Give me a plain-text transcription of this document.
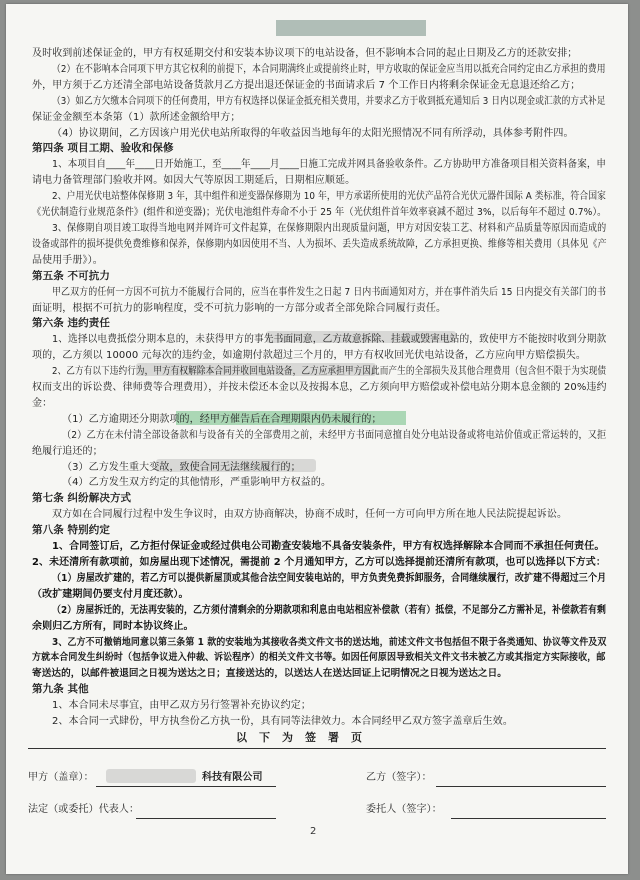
及时收到前述保证金的，甲方有权延期交付和安装本协议项下的电站设备，但不影响本合同的起止日期及乙方的还款安排；
（2）在不影响本合同项下甲方其它权利的前提下，本合同期满终止或提前终止时，甲方收取的保证金应当用以抵充合同约定由乙方承担的费用
外，甲方须于乙方还清全部电站设备货款月乙方提出退还保证金的书面请求后 7 个工作日内将剩余保证金无息退还给乙方；
（3）如乙方欠缴本合同项下的任何费用，甲方有权选择以保证金抵充相关费用，并要求乙方于收到抵充通知后 3 日内以现金或汇款的方式补足
保证金金额至本条第（1）款所述金额给甲方；
（4）协议期间，乙方因该户用光伏电站所取得的年收益因当地每年的太阳光照情况不同有所浮动，具体参考附件四。
第四条 项目工期、验收和保修
1、本项目自____年____日开始施工，至____年____月____日施工完成并网具备验收条件。乙方协助甲方准备项目相关资料备案，申
请电力备管理部门验收并网。如因大气等原因工期延后，日期相应顺延。
2、户用光伏电站整体保修期 3 年，其中组件和逆变器保修期为 10 年，甲方承诺所使用的光伏产品符合光伏元器件国际 A 类标准，符合国家
《光伏制造行业规范条件》(组件和逆变器)；光伏电池组件寿命不小于 25 年（光伏组件首年效率衰减不超过 3%，以后每年不超过 0.7%）。
3、保修期自项目竣工取得当地电网并网许可文件起算，在保修期限内出现质量问题，甲方对因安装工艺、材料和产品质量等原因而造成的
设备或部件的损坏提供免费维修和保养，保修期内如因使用不当、人为损坏、丢失造成系统故障，乙方承担更换、维修等相关费用（具体见《产
品使用手册》）。
第五条 不可抗力
甲乙双方的任何一方因不可抗力不能履行合同的，应当在事件发生之日起 7 日内书面通知对方，并在事件消失后 15 日内提交有关部门的书
面证明，根据不可抗力的影响程度，受不可抗力影响的一方部分或者全部免除合同履行责任。
第六条 违约责任
1、选择以电费抵偿分期本息的，未获得甲方的事先书面同意，乙方故意拆除、挂载或毁害电站的，致使甲方不能按时收到分期款
项的，乙方须以 10000 元每次的违约金，如逾期付款超过三个月的，甲方有权收回光伏电站设备，乙方应向甲方赔偿损失。
2、乙方有以下违约行为，甲方有权解除本合同并收回电站设备，乙方应承担甲方因此而产生的全部损失及其他合理费用（包含但不限于为实现债
权而支出的诉讼费、律师费等合理费用），并按未偿还本金以及按揭本息，乙方须向甲方赔偿或补偿电站分期本息金额的 20%违约
金：
（1）乙方逾期还分期款项的，经甲方催告后在合理期限内仍未履行的；
（2）乙方在未付清全部设备款和与设备有关的全部费用之前，未经甲方书面同意擅自处分电站设备或将电站价值或正常运转的，又拒
绝履行追还的；
（3）乙方发生重大变故，致使合同无法继续履行的；
（4）乙方发生双方约定的其他情形，严重影响甲方权益的。
第七条 纠纷解决方式
双方如在合同履行过程中发生争议时，由双方协商解决，协商不成时，任何一方可向甲方所在地人民法院提起诉讼。
第八条 特别约定
1、合同签订后，乙方拒付保证金或经过供电公司勘查安装地不具备安装条件，甲方有权选择解除本合同而不承担任何责任。
2、未还清所有款项前，如房屋出现下述情况，需提前 2 个月通知甲方，乙方可以选择提前还清所有款项，也可以选择以下方式：
（1）房屋改扩建的，若乙方可以提供新屋顶或其他合法空间安装电站的，甲方负责免费拆卸服务，合同继续履行，改扩建不得超过三个月
（改扩建期间仍要支付月度还款）。
（2）房屋拆迁的，无法再安装的，乙方须付清剩余的分期款项和利息由电站相应补偿款（若有）抵偿，不足部分乙方需补足，补偿款若有剩
余则归乙方所有，同时本协议终止。
3、乙方不可撤销地同意以第三条第 1 款的安装地为其接收各类文件文书的送达地，前述文件文书包括但不限于各类通知、协议等文件及双
方就本合同发生纠纷时（包括争议进入仲裁、诉讼程序）的相关文件文书等。如因任何原因导致相关文件文书未被乙方或其指定方实际接收，邮
寄送达的，以邮件被退回之日视为送达之日；直接送达的，以送达人在送达回证上记明情况之日视为送达之日。
第九条 其他
1、本合同未尽事宜，由甲乙双方另行签署补充协议约定；
2、本合同一式肆份，甲方执叁份乙方执一份，具有同等法律效力。本合同经甲乙双方签字盖章后生效。
以下为签署页
甲方（盖章）：	科技有限公司	乙方（签字）：
法定（或委托）代表人：	委托人（签字）：
2
